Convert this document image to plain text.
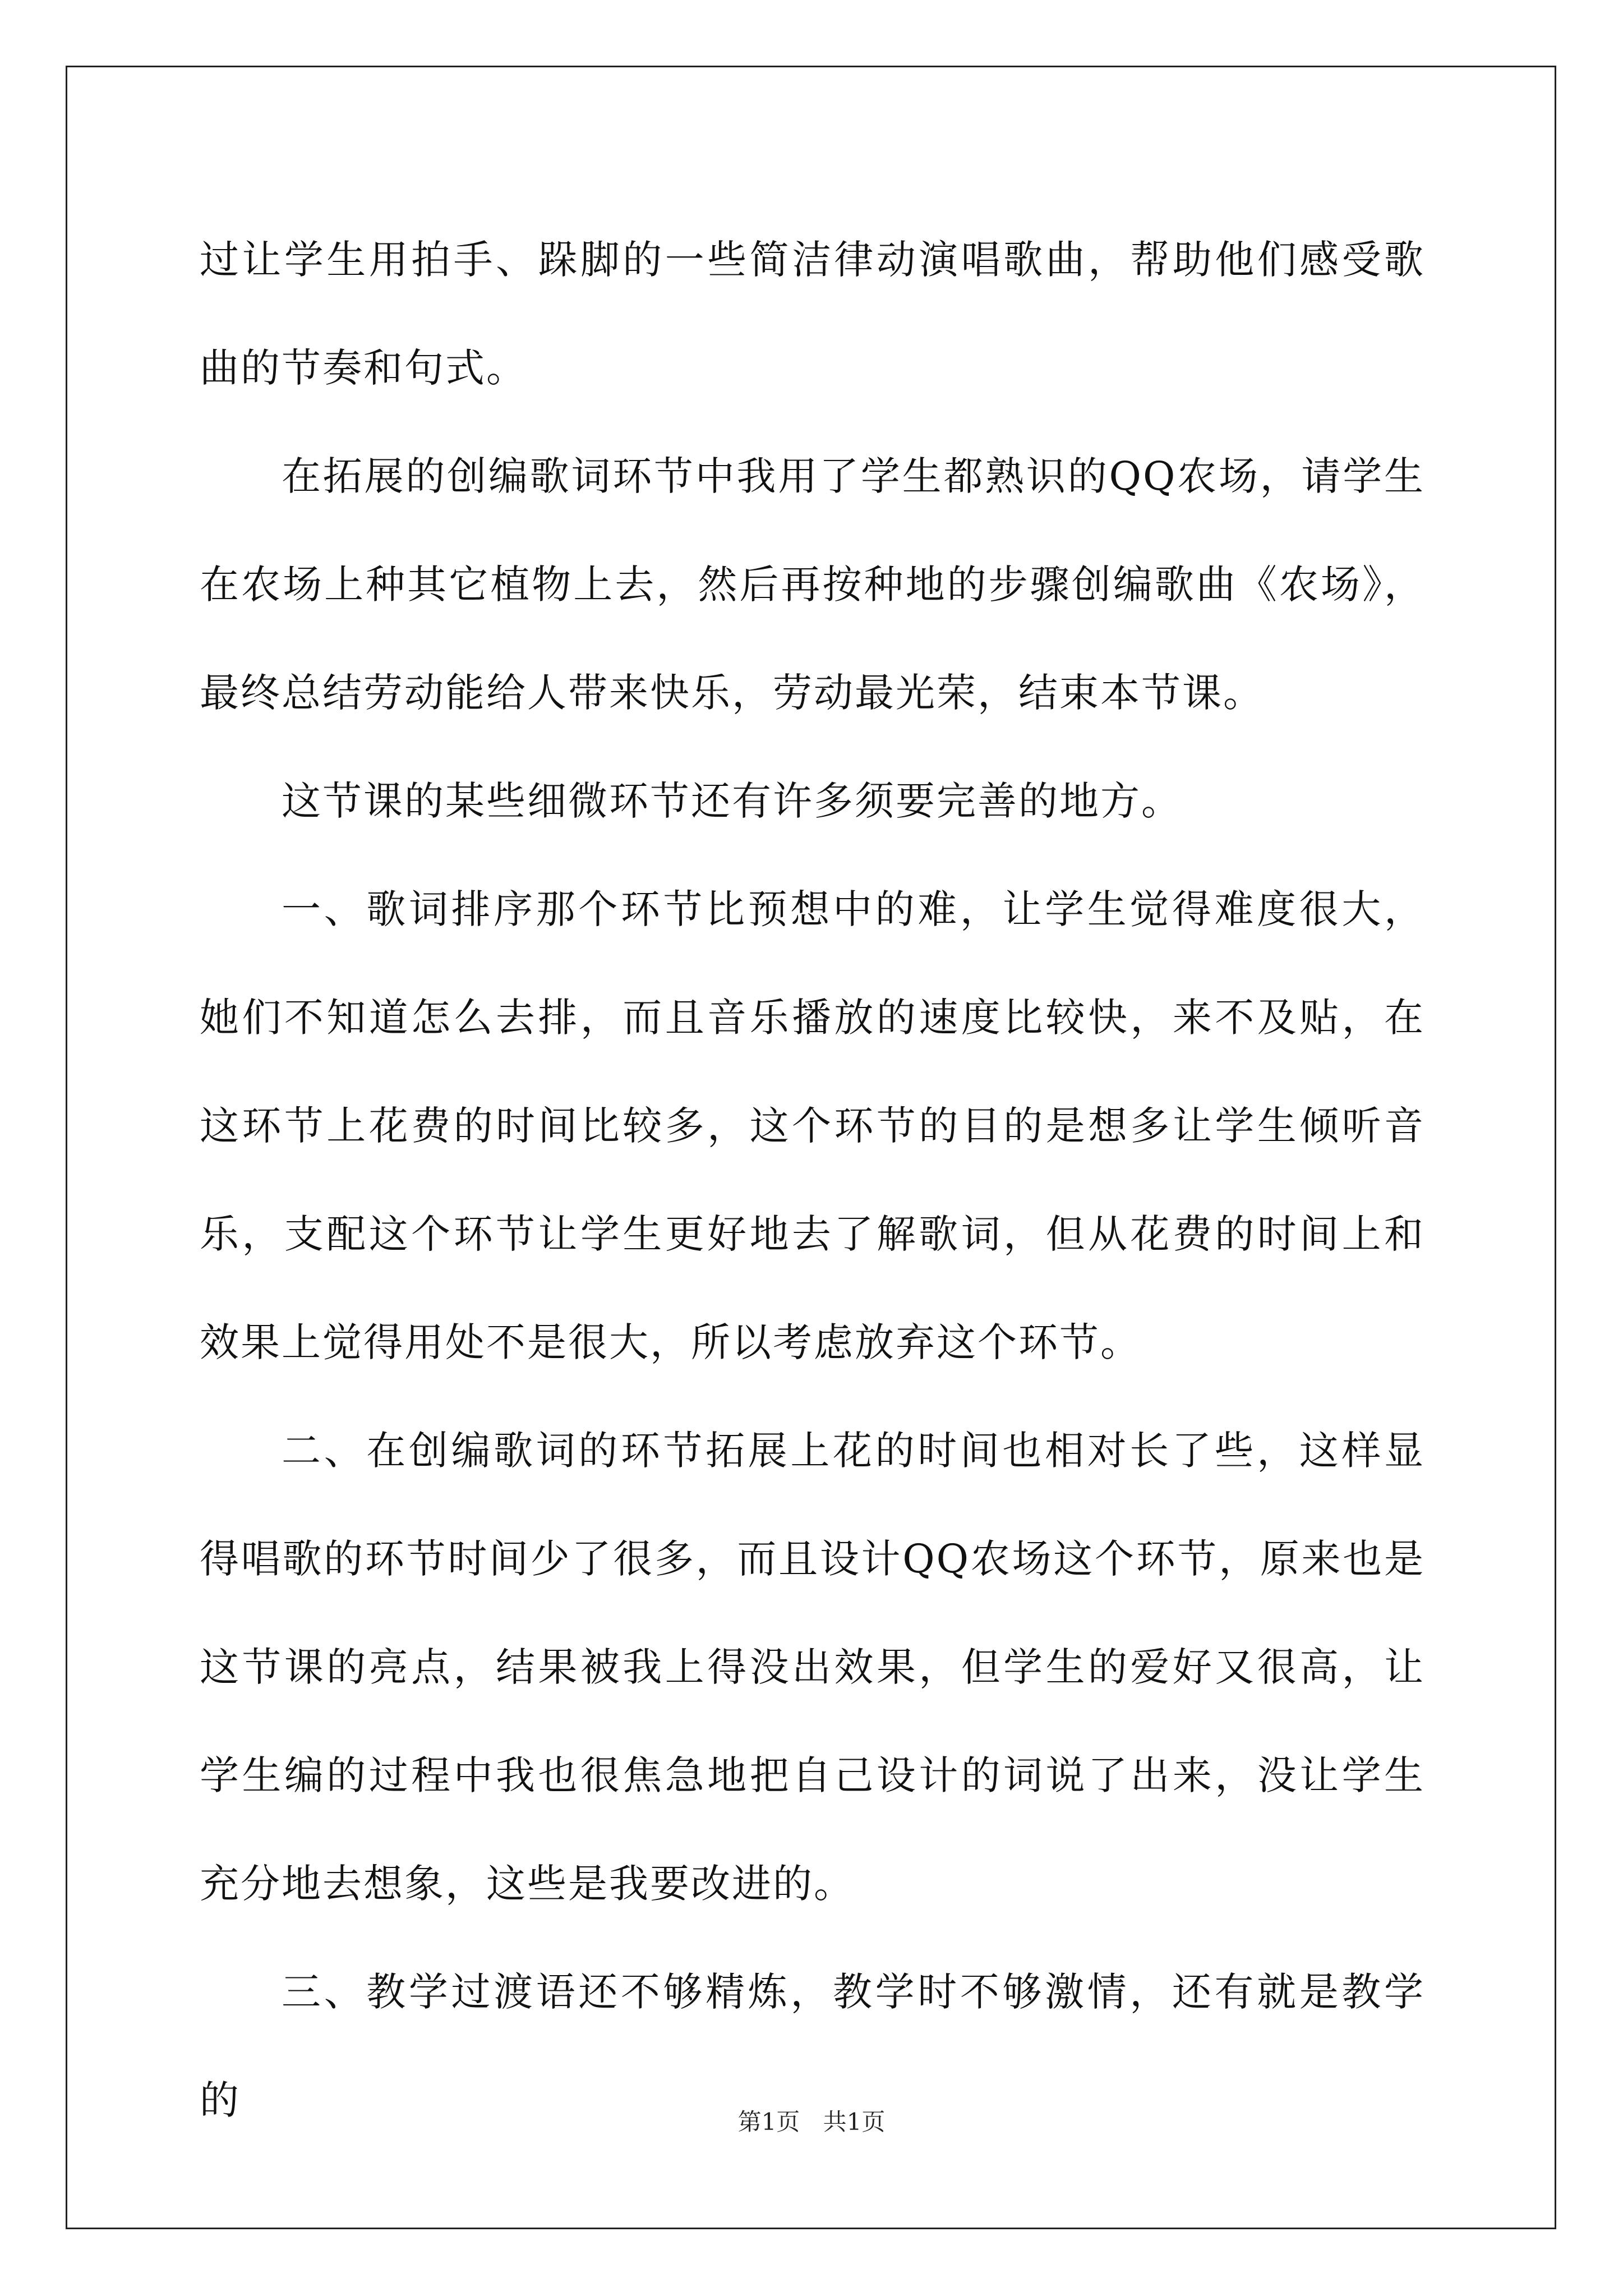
过让学生用拍手、跺脚的一些简洁律动演唱歌曲，帮助他们感受歌曲的节奏和句式。

在拓展的创编歌词环节中我用了学生都熟识的QQ农场，请学生在农场上种其它植物上去，然后再按种地的步骤创编歌曲《农场》，最终总结劳动能给人带来快乐，劳动最光荣，结束本节课。

这节课的某些细微环节还有许多须要完善的地方。

一、歌词排序那个环节比预想中的难，让学生觉得难度很大，她们不知道怎么去排，而且音乐播放的速度比较快，来不及贴，在这环节上花费的时间比较多，这个环节的目的是想多让学生倾听音乐，支配这个环节让学生更好地去了解歌词，但从花费的时间上和效果上觉得用处不是很大，所以考虑放弃这个环节。

二、在创编歌词的环节拓展上花的时间也相对长了些，这样显得唱歌的环节时间少了很多，而且设计QQ农场这个环节，原来也是这节课的亮点，结果被我上得没出效果，但学生的爱好又很高，让学生编的过程中我也很焦急地把自己设计的词说了出来，没让学生充分地去想象，这些是我要改进的。

三、教学过渡语还不够精炼，教学时不够激情，还有就是教学的	第1页 共1页
